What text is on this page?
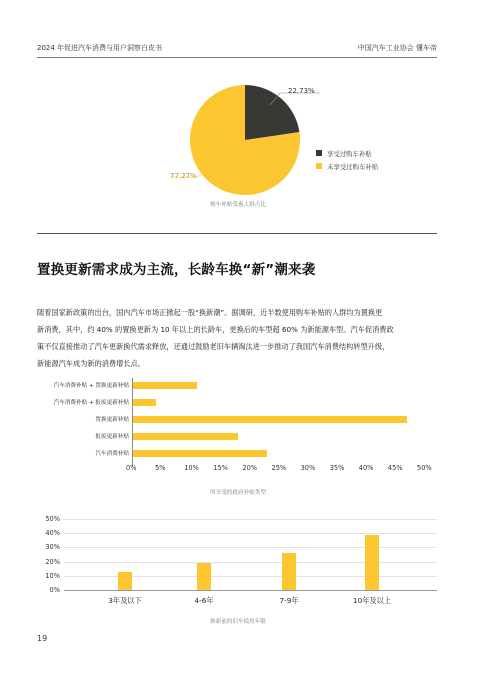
2024 年促进汽车消费与用户洞察白皮书	中国汽车工业协会 懂车帝
22.73%
77.27%
享受过购车补贴
未享受过购车补贴
购车补贴受惠人群占比
置换更新需求成为主流，长龄车换“新”潮来袭
随着国家新政策的出台，国内汽车市场正掀起一股“换新潮”。据调研，近半数使用购车补贴的人群均为置换更
新消费，其中，约 40% 的置换更新为 10 年以上的长龄车，更换后的车型超 60% 为新能源车型。汽车促消费政
策不仅直接推动了汽车更新换代需求释放，还通过鼓励老旧车辆淘汰进一步推动了我国汽车消费结构转型升级，
新能源汽车成为新的消费增长点。
汽车消费补贴 + 置换更新补贴
汽车消费补贴 + 报废更新补贴
置换更新补贴
报废更新补贴
汽车消费补贴
0%	5%	10% 15% 20% 25% 30% 35% 40% 45% 50%
所享受的政府补贴类型
50%
40%
30%
20%
10%
0%
3年及以下	4-6年	7-9年	10年及以上
换新前的旧车使用年限
19
